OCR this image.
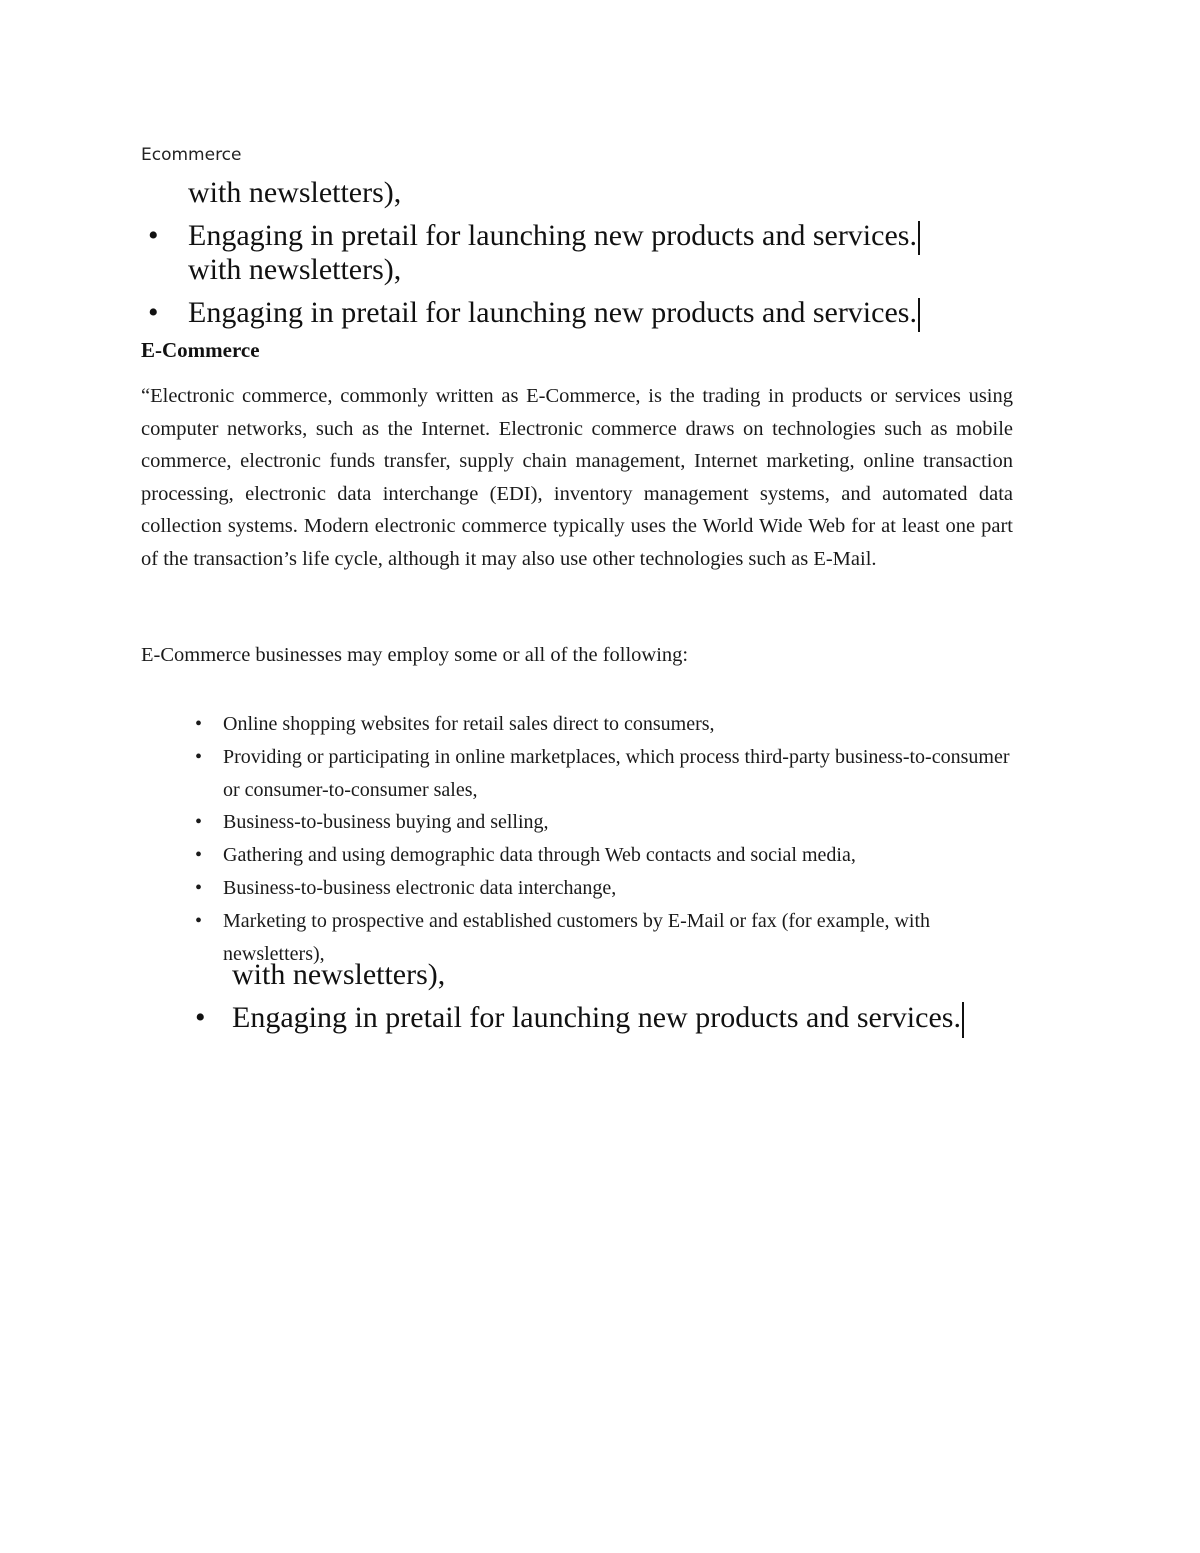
Ecommerce
with newsletters),
• Engaging in pretail for launching new products and services.
with newsletters),
• Engaging in pretail for launching new products and services.
E-Commerce
“Electronic commerce, commonly written as E-Commerce, is the trading in products or services using computer networks, such as the Internet. Electronic commerce draws on technologies such as mobile commerce, electronic funds transfer, supply chain management, Internet marketing, online transaction processing, electronic data interchange (EDI), inventory management systems, and automated data collection systems. Modern electronic commerce typically uses the World Wide Web for at least one part of the transaction’s life cycle, although it may also use other technologies such as E-Mail.
E-Commerce businesses may employ some or all of the following:
• Online shopping websites for retail sales direct to consumers,
• Providing or participating in online marketplaces, which process third-party business-to-consumer or consumer-to-consumer sales,
• Business-to-business buying and selling,
• Gathering and using demographic data through Web contacts and social media,
• Business-to-business electronic data interchange,
• Marketing to prospective and established customers by E-Mail or fax (for example, with newsletters),
with newsletters),
• Engaging in pretail for launching new products and services.
